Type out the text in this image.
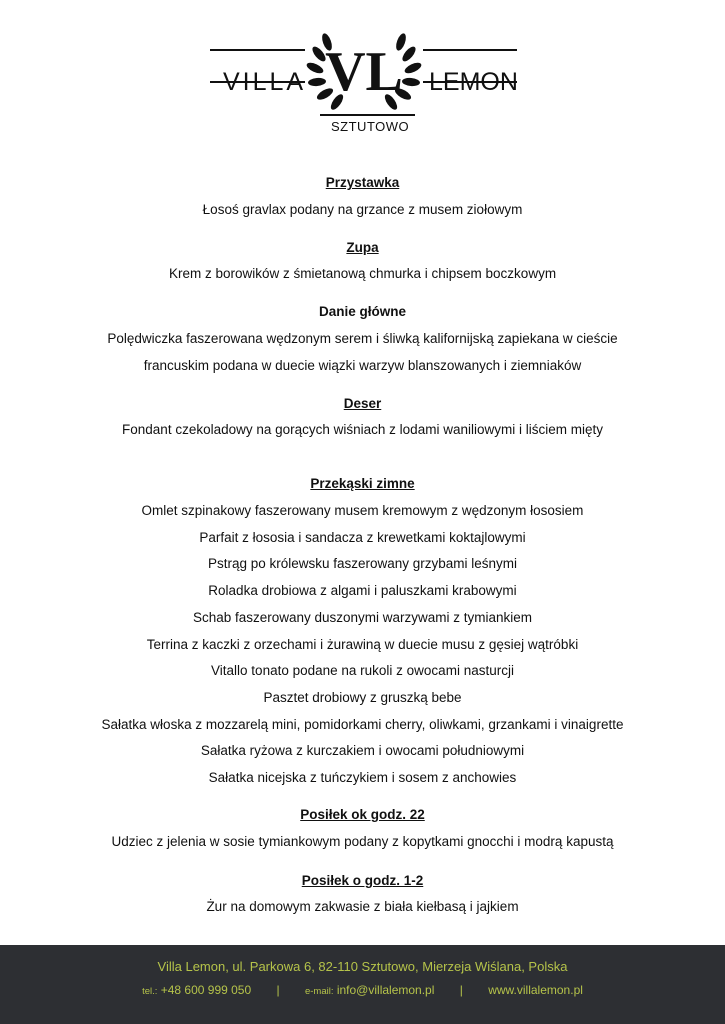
VL
VILLA	LEMON
SZTUTOWO
Przystawka
Łosoś gravlax podany na grzance z musem ziołowym
Zupa
Krem z borowików z śmietanową chmurka i chipsem boczkowym
Danie główne
Polędwiczka faszerowana wędzonym serem i śliwką kalifornijską zapiekana w cieście
francuskim podana w duecie wiązki warzyw blanszowanych i ziemniaków
Deser
Fondant czekoladowy na gorących wiśniach z lodami waniliowymi i liściem mięty
Przekąski zimne
Omlet szpinakowy faszerowany musem kremowym z wędzonym łososiem
Parfait z łososia i sandacza z krewetkami koktajlowymi
Pstrąg po królewsku faszerowany grzybami leśnymi
Roladka drobiowa z algami i paluszkami krabowymi
Schab faszerowany duszonymi warzywami z tymiankiem
Terrina z kaczki z orzechami i żurawiną w duecie musu z gęsiej wątróbki
Vitallo tonato podane na rukoli z owocami nasturcji
Pasztet drobiowy z gruszką bebe
Sałatka włoska z mozzarelą mini, pomidorkami cherry, oliwkami, grzankami i vinaigrette
Sałatka ryżowa z kurczakiem i owocami południowymi
Sałatka nicejska z tuńczykiem i sosem z anchowies
Posiłek ok godz. 22
Udziec z jelenia w sosie tymiankowym podany z kopytkami gnocchi i modrą kapustą
Posiłek o godz. 1-2
Żur na domowym zakwasie z biała kiełbasą i jajkiem
Villa Lemon, ul. Parkowa 6, 82-110 Sztutowo, Mierzeja Wiślana, Polska
tel.: +48 600 999 050 |	e-mail: info@villalemon.pl | www.villalemon.pl
